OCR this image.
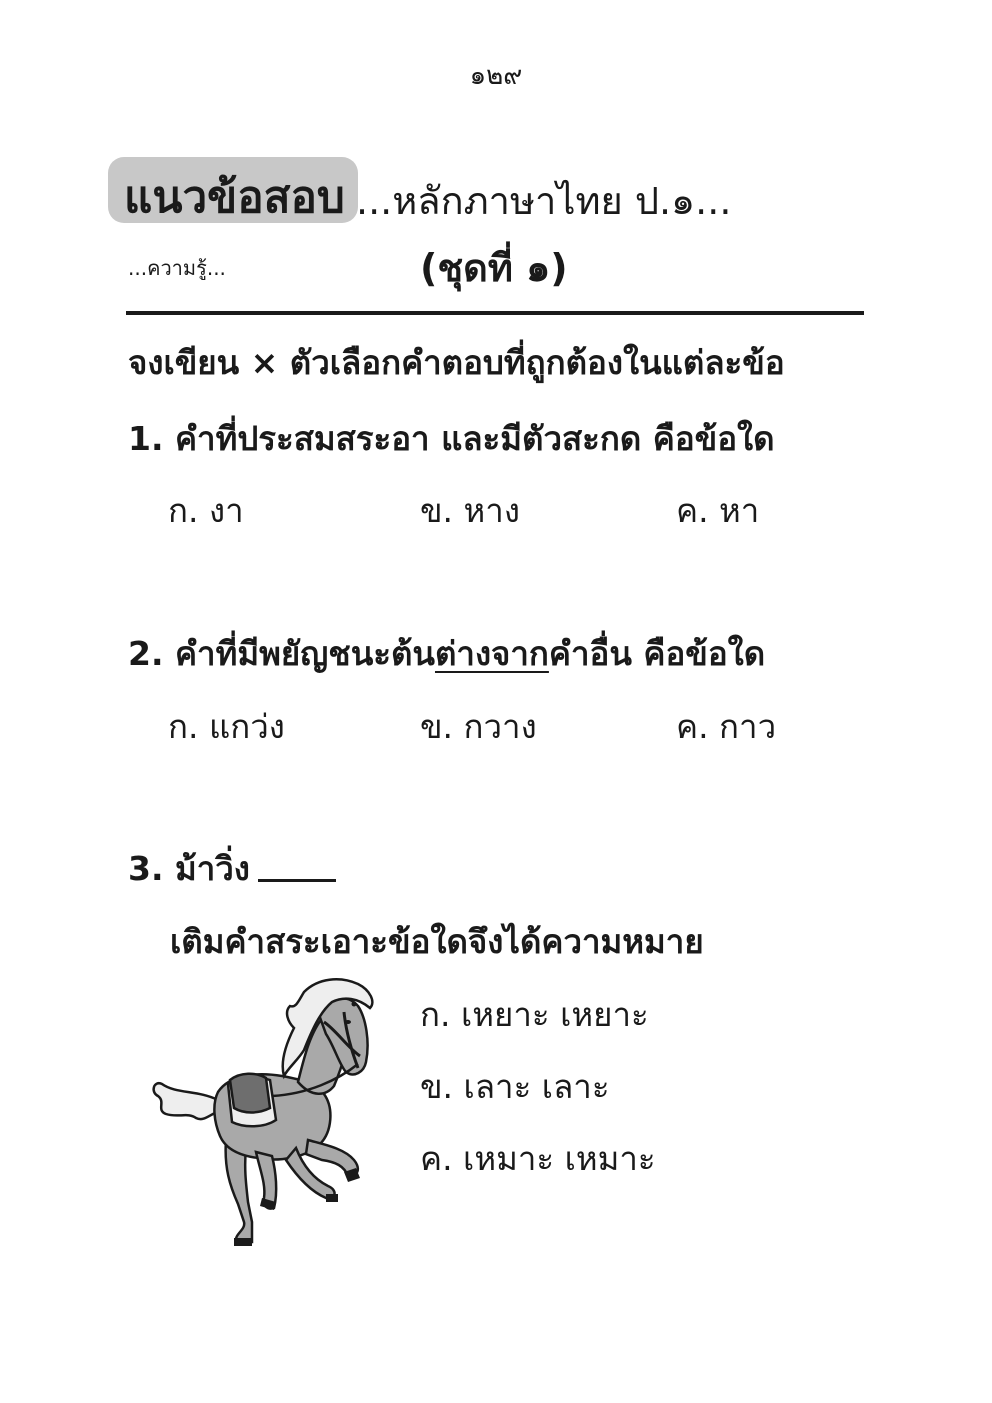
๑๒๙
แนวข้อสอบ ...หลักภาษาไทย ป.๑...
...ความรู้...	(ชุดที่ ๑)
จงเขียน × ตัวเลือกคำตอบที่ถูกต้องในแต่ละข้อ
1. คำที่ประสมสระอา และมีตัวสะกด คือข้อใด
ก. งา	ข. หาง	ค. หา
2. คำที่มีพยัญชนะต้นต่างจากคำอื่น คือข้อใด
ก. แกว่ง	ข. กวาง	ค. กาว
3. ม้าวิ่ง
เติมคำสระเอาะข้อใดจึงได้ความหมาย
ก. เหยาะ เหยาะ
ข. เลาะ เลาะ
ค. เหมาะ เหมาะ
